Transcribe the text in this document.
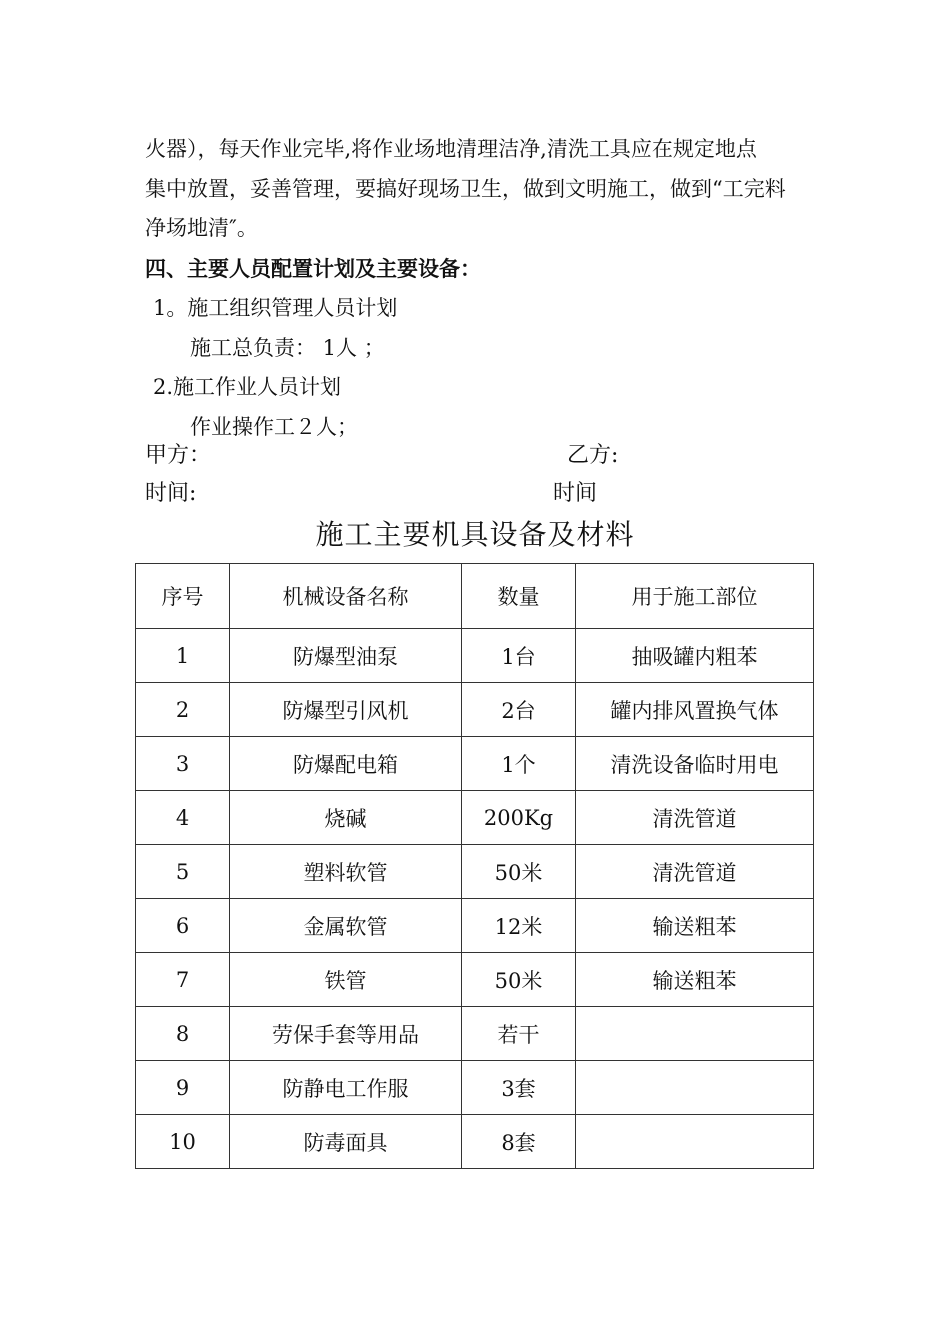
火器），每天作业完毕,将作业场地清理洁净,清洗工具应在规定地点
集中放置，妥善管理，要搞好现场卫生，做到文明施工，做到“工完料
净场地清″。
四、主要人员配置计划及主要设备：
1。施工组织管理人员计划
施工总负责： 1人 ；
2.施工作业人员计划
作业操作工２人；
甲方：	乙方:
时间:	时间
施工主要机具设备及材料
序号	机械设备名称	数量	用于施工部位
1	防爆型油泵	1台	抽吸罐内粗苯
2	防爆型引风机	2台	罐内排风置换气体
3	防爆配电箱	1个	清洗设备临时用电
4	烧碱	200Kg	清洗管道
5	塑料软管	50米	清洗管道
6	金属软管	12米	输送粗苯
7	铁管	50米	输送粗苯
8	劳保手套等用品	若干	
9	防静电工作服	3套	
10	防毒面具	8套	
